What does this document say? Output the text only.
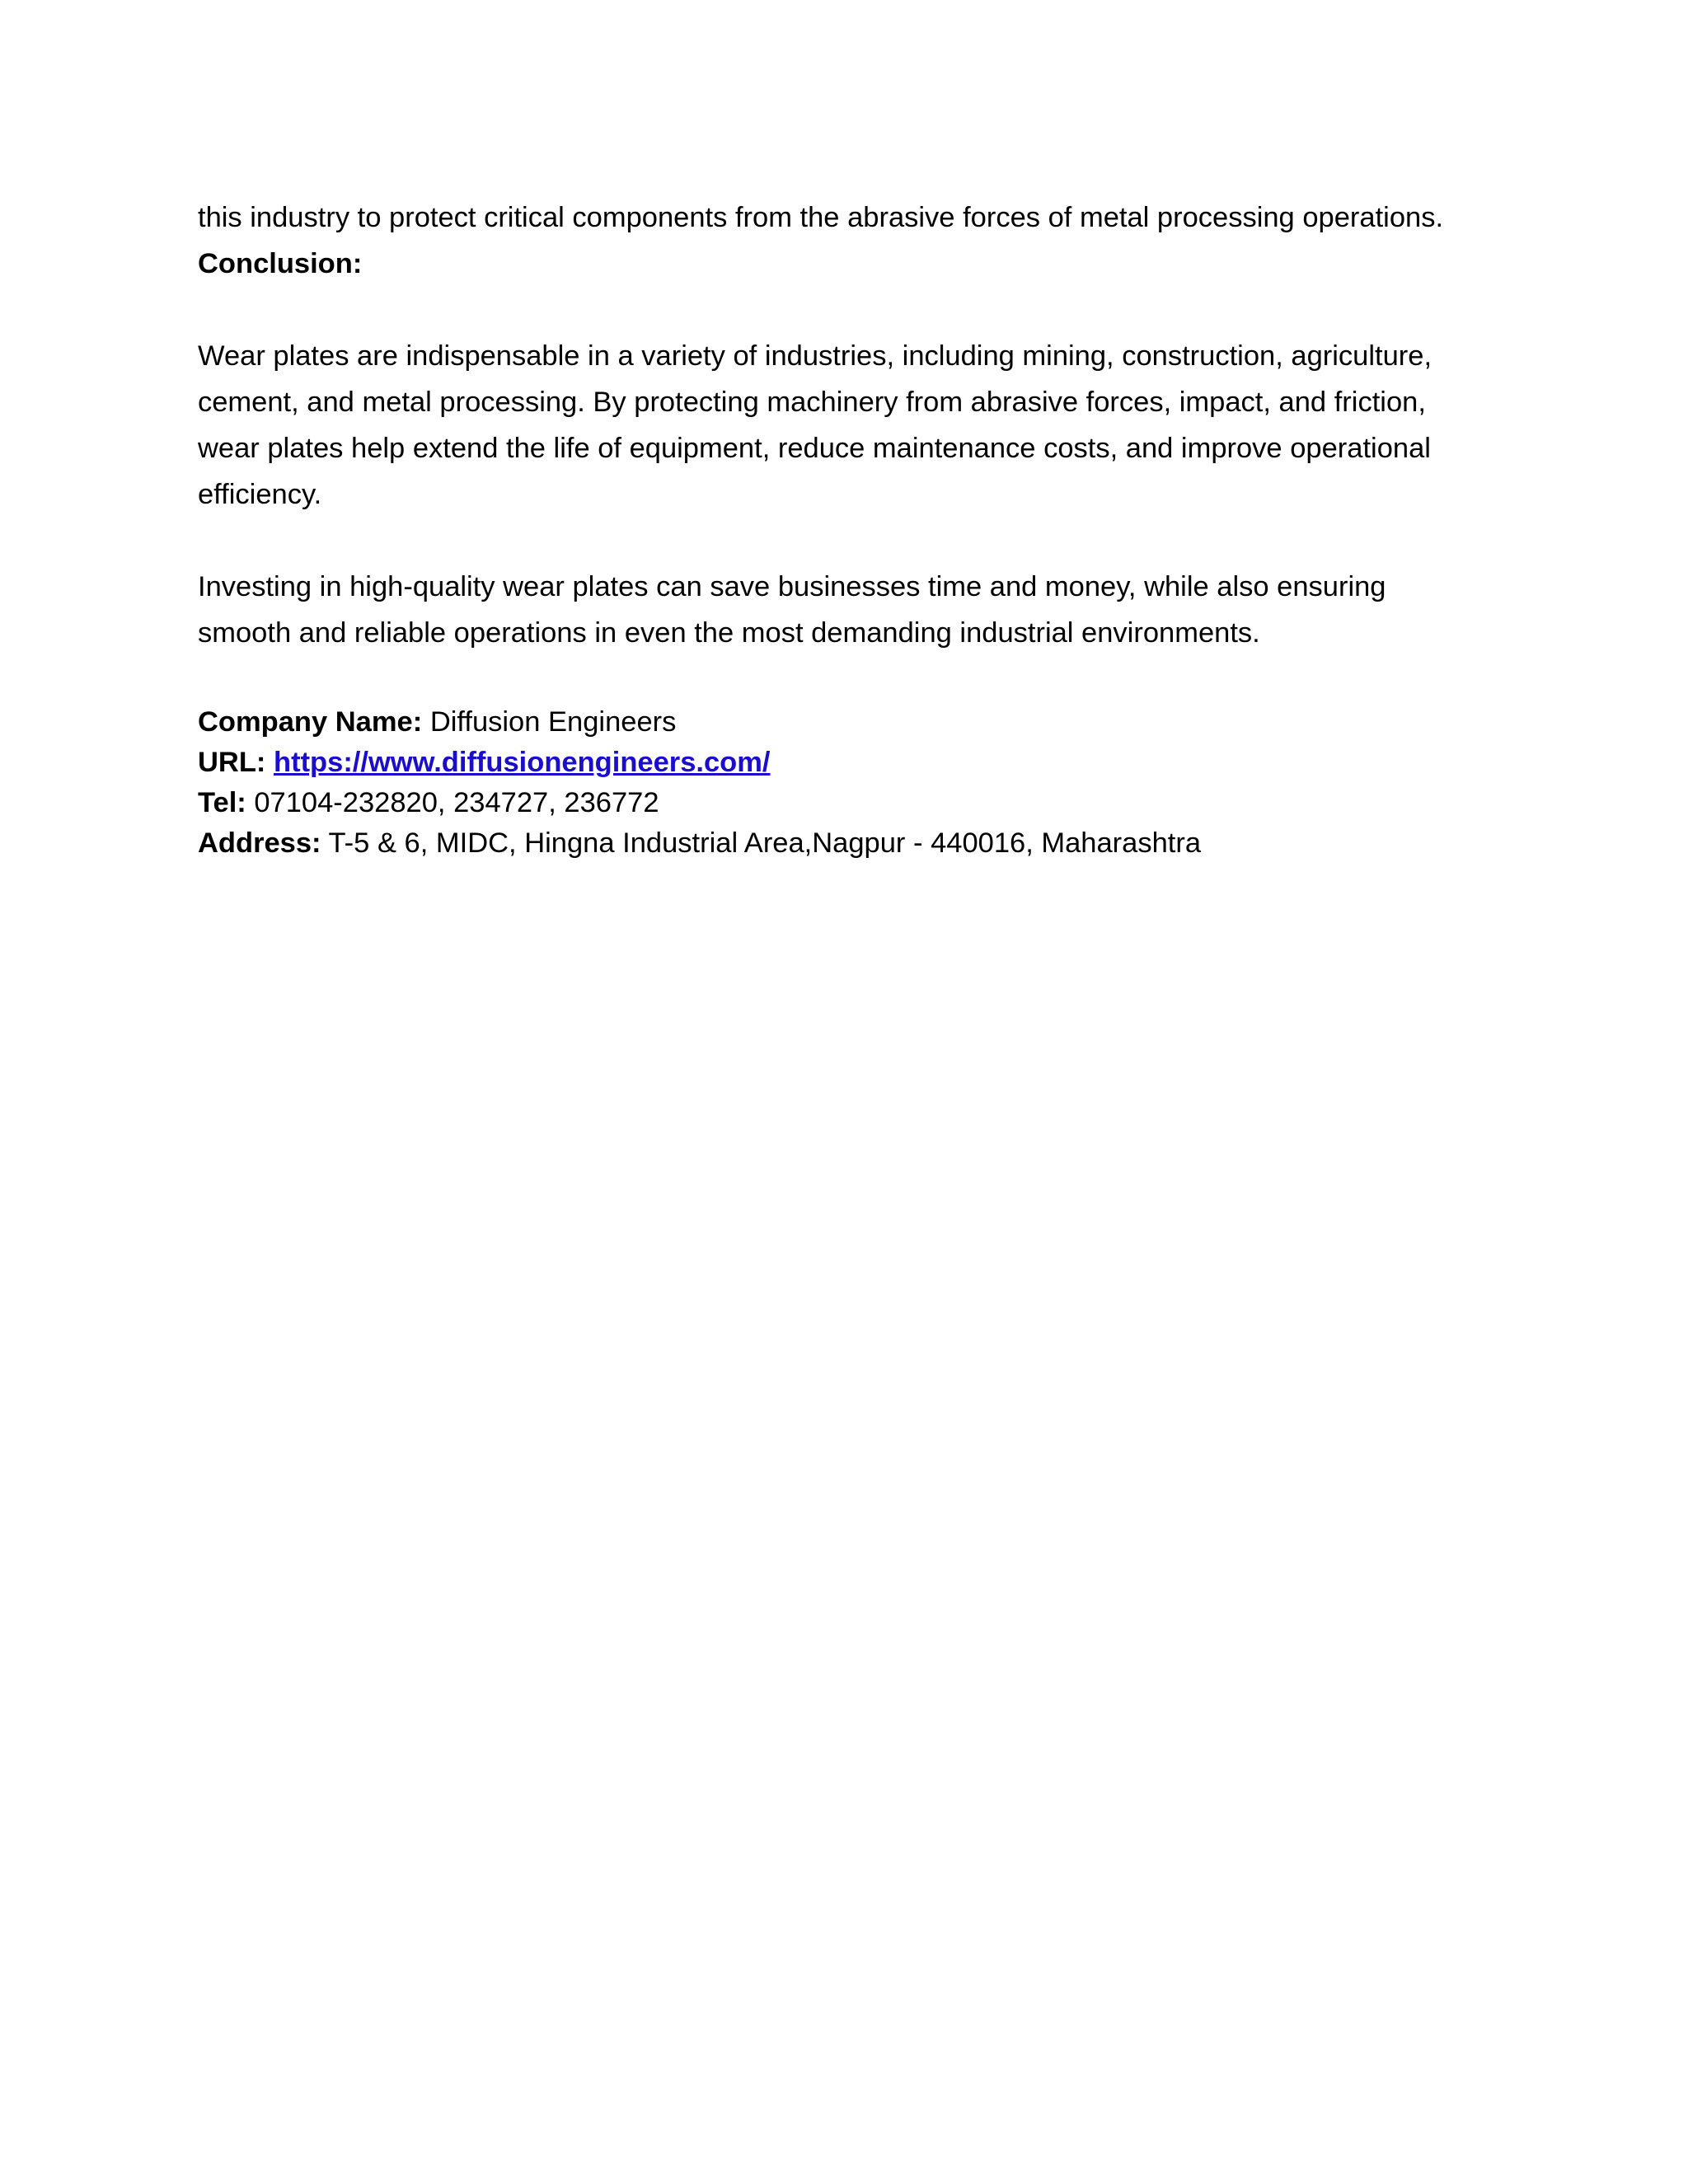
this industry to protect critical components from the abrasive forces of metal processing operations.

Conclusion:

Wear plates are indispensable in a variety of industries, including mining, construction, agriculture, cement, and metal processing. By protecting machinery from abrasive forces, impact, and friction, wear plates help extend the life of equipment, reduce maintenance costs, and improve operational efficiency.

Investing in high-quality wear plates can save businesses time and money, while also ensuring smooth and reliable operations in even the most demanding industrial environments.

Company Name: Diffusion Engineers
URL: https://www.diffusionengineers.com/
Tel: 07104-232820, 234727, 236772
Address: T-5 & 6, MIDC, Hingna Industrial Area,Nagpur - 440016, Maharashtra
